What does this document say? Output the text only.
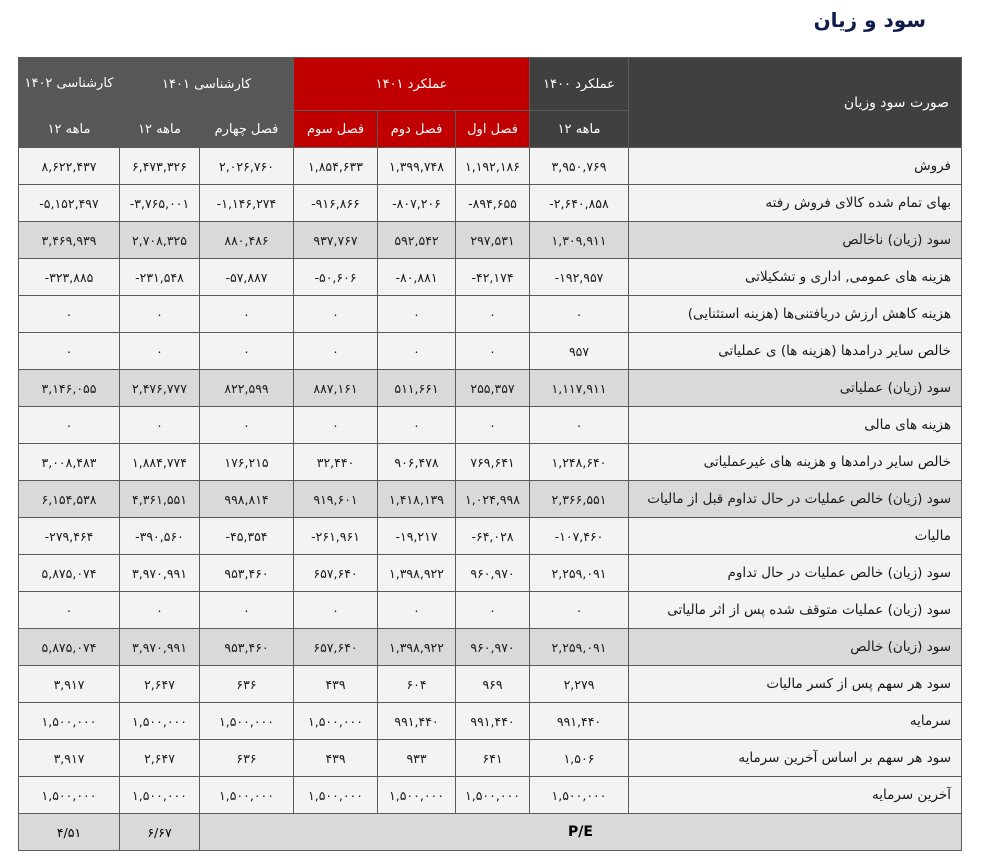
سود و زیان
کارشناسی ۱۴۰۲	کارشناسی ۱۴۰۱		عملکرد ۱۴۰۱			عملکرد ۱۴۰۰	صورت سود وزیان
۱۲ ماهه	۱۲ ماهه	فصل چهارم	فصل سوم	فصل دوم	فصل اول	۱۲ ماهه	
۸,۶۲۲,۴۳۷	۶,۴۷۳,۳۲۶	۲,۰۲۶,۷۶۰	۱,۸۵۴,۶۳۳	۱,۳۹۹,۷۴۸	۱,۱۹۲,۱۸۶	۳,۹۵۰,۷۶۹	فروش
-۵,۱۵۲,۴۹۷	-۳,۷۶۵,۰۰۱	-۱,۱۴۶,۲۷۴	-۹۱۶,۸۶۶	-۸۰۷,۲۰۶	-۸۹۴,۶۵۵	-۲,۶۴۰,۸۵۸	بهای تمام شده کالای فروش رفته
۳,۴۶۹,۹۳۹	۲,۷۰۸,۳۲۵	۸۸۰,۴۸۶	۹۳۷,۷۶۷	۵۹۲,۵۴۲	۲۹۷,۵۳۱	۱,۳۰۹,۹۱۱	سود (زیان) ناخالص
-۳۲۳,۸۸۵	-۲۳۱,۵۴۸	-۵۷,۸۸۷	-۵۰,۶۰۶	-۸۰,۸۸۱	-۴۲,۱۷۴	-۱۹۲,۹۵۷	هزینه های عمومی, اداری و تشکیلاتی
۰	۰	۰	۰	۰	۰	۰	هزینه کاهش ارزش دریافتنی‌ها (هزینه استثنایی)
۰	۰	۰	۰	۰	۰	۹۵۷	خالص سایر درامدها (هزینه ها) ی عملیاتی
۳,۱۴۶,۰۵۵	۲,۴۷۶,۷۷۷	۸۲۲,۵۹۹	۸۸۷,۱۶۱	۵۱۱,۶۶۱	۲۵۵,۳۵۷	۱,۱۱۷,۹۱۱	سود (زیان) عملیاتی
۰	۰	۰	۰	۰	۰	۰	هزینه های مالی
۳,۰۰۸,۴۸۳	۱,۸۸۴,۷۷۴	۱۷۶,۲۱۵	۳۲,۴۴۰	۹۰۶,۴۷۸	۷۶۹,۶۴۱	۱,۲۴۸,۶۴۰	خالص سایر درامدها و هزینه های غیرعملیاتی
۶,۱۵۴,۵۳۸	۴,۳۶۱,۵۵۱	۹۹۸,۸۱۴	۹۱۹,۶۰۱	۱,۴۱۸,۱۳۹	۱,۰۲۴,۹۹۸	۲,۳۶۶,۵۵۱	سود (زیان) خالص عملیات در حال تداوم قبل از مالیات
-۲۷۹,۴۶۴	-۳۹۰,۵۶۰	-۴۵,۳۵۴	-۲۶۱,۹۶۱	-۱۹,۲۱۷	-۶۴,۰۲۸	-۱۰۷,۴۶۰	مالیات
۵,۸۷۵,۰۷۴	۳,۹۷۰,۹۹۱	۹۵۳,۴۶۰	۶۵۷,۶۴۰	۱,۳۹۸,۹۲۲	۹۶۰,۹۷۰	۲,۲۵۹,۰۹۱	سود (زیان) خالص عملیات در حال تداوم
۰	۰	۰	۰	۰	۰	۰	سود (زیان) عملیات متوقف شده پس از اثر مالیاتی
۵,۸۷۵,۰۷۴	۳,۹۷۰,۹۹۱	۹۵۳,۴۶۰	۶۵۷,۶۴۰	۱,۳۹۸,۹۲۲	۹۶۰,۹۷۰	۲,۲۵۹,۰۹۱	سود (زیان) خالص
۳,۹۱۷	۲,۶۴۷	۶۳۶	۴۳۹	۶۰۴	۹۶۹	۲,۲۷۹	سود هر سهم پس از کسر مالیات
۱,۵۰۰,۰۰۰	۱,۵۰۰,۰۰۰	۱,۵۰۰,۰۰۰	۱,۵۰۰,۰۰۰	۹۹۱,۴۴۰	۹۹۱,۴۴۰	۹۹۱,۴۴۰	سرمایه
۳,۹۱۷	۲,۶۴۷	۶۳۶	۴۳۹	۹۳۳	۶۴۱	۱,۵۰۶	سود هر سهم بر اساس آخرین سرمایه
۱,۵۰۰,۰۰۰	۱,۵۰۰,۰۰۰	۱,۵۰۰,۰۰۰	۱,۵۰۰,۰۰۰	۱,۵۰۰,۰۰۰	۱,۵۰۰,۰۰۰	۱,۵۰۰,۰۰۰	آخرین سرمایه
۴/۵۱	۶/۶۷	P/E					
